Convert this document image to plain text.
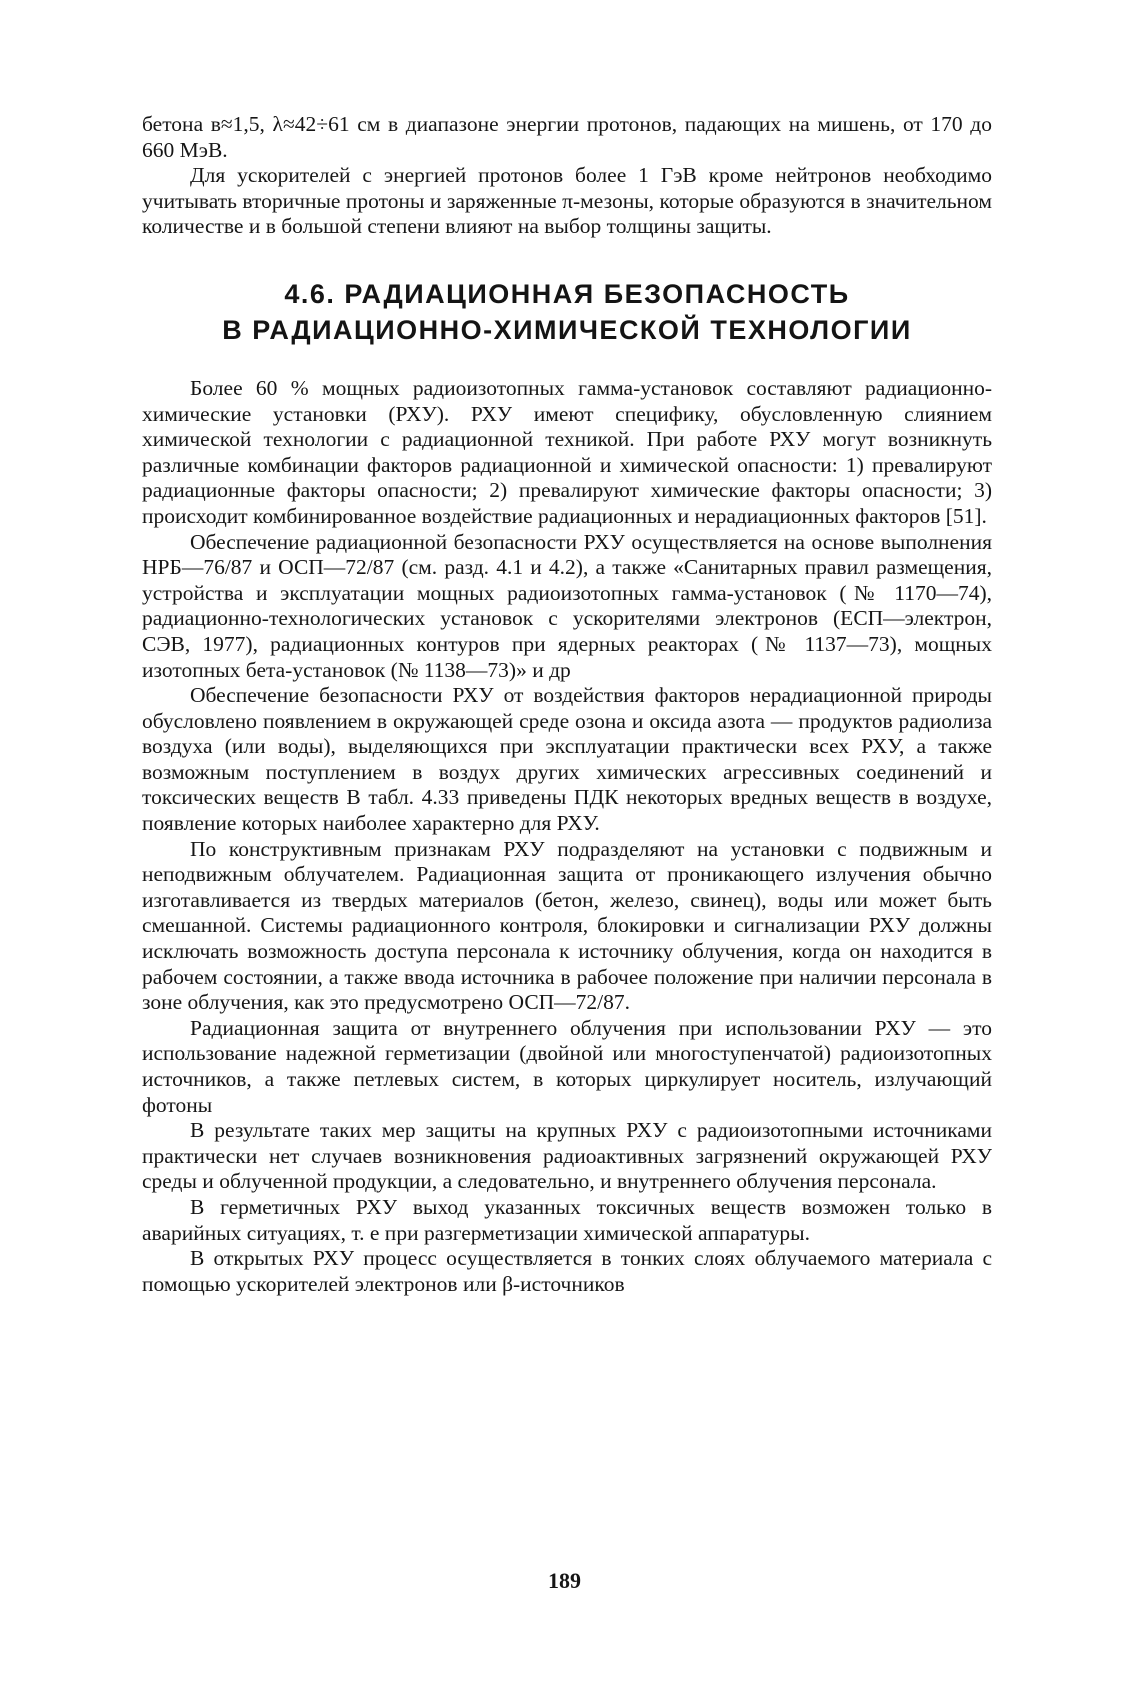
бетона в≈1,5, λ≈42÷61 см в диапазоне энергии протонов, падающих на мишень, от 170 до 660 МэВ.

Для ускорителей с энергией протонов более 1 ГэВ кроме нейтронов необходимо учитывать вторичные протоны и заряженные π-мезоны, которые образуются в значительном количестве и в большой степени влияют на выбор толщины защиты.

4.6. РАДИАЦИОННАЯ БЕЗОПАСНОСТЬ

В РАДИАЦИОННО-ХИМИЧЕСКОЙ ТЕХНОЛОГИИ

Более 60 % мощных радиоизотопных гамма-установок составляют радиационно-химические установки (РХУ). РХУ имеют специфику, обусловленную слиянием химической технологии с радиационной техникой. При работе РХУ могут возникнуть различные комбинации факторов радиационной и химической опасности: 1) превалируют радиационные факторы опасности; 2) превалируют химические факторы опасности; 3) происходит комбинированное воздействие радиационных и нерадиационных факторов [51].

Обеспечение радиационной безопасности РХУ осуществляется на основе выполнения НРБ—76/87 и ОСП—72/87 (см. разд. 4.1 и 4.2), а также «Санитарных правил размещения, устройства и эксплуатации мощных радиоизотопных гамма-установок (№ 1170—74), радиационно-технологических установок с ускорителями электронов (ЕСП—электрон, СЭВ, 1977), радиационных контуров при ядерных реакторах (№ 1137—73), мощных изотопных бета-установок (№ 1138—73)» и др

Обеспечение безопасности РХУ от воздействия факторов нерадиационной природы обусловлено появлением в окружающей среде озона и оксида азота — продуктов радиолиза воздуха (или воды), выделяющихся при эксплуатации практически всех РХУ, а также возможным поступлением в воздух других химических агрессивных соединений и токсических веществ В табл. 4.33 приведены ПДК некоторых вредных веществ в воздухе, появление которых наиболее характерно для РХУ.

По конструктивным признакам РХУ подразделяют на установки с подвижным и неподвижным облучателем. Радиационная защита от проникающего излучения обычно изготавливается из твердых материалов (бетон, железо, свинец), воды или может быть смешанной. Системы радиационного контроля, блокировки и сигнализации РХУ должны исключать возможность доступа персонала к источнику облучения, когда он находится в рабочем состоянии, а также ввода источника в рабочее положение при наличии персонала в зоне облучения, как это предусмотрено ОСП—72/87.

Радиационная защита от внутреннего облучения при использовании РХУ — это использование надежной герметизации (двойной или многоступенчатой) радиоизотопных источников, а также петлевых систем, в которых циркулирует носитель, излучающий фотоны

В результате таких мер защиты на крупных РХУ с радиоизотопными источниками практически нет случаев возникновения радиоактивных загрязнений окружающей РХУ среды и облученной продукции, а следовательно, и внутреннего облучения персонала.

В герметичных РХУ выход указанных токсичных веществ возможен только в аварийных ситуациях, т. е при разгерметизации химической аппаратуры.

В открытых РХУ процесс осуществляется в тонких слоях облучаемого материала с помощью ускорителей электронов или β-источников

189
